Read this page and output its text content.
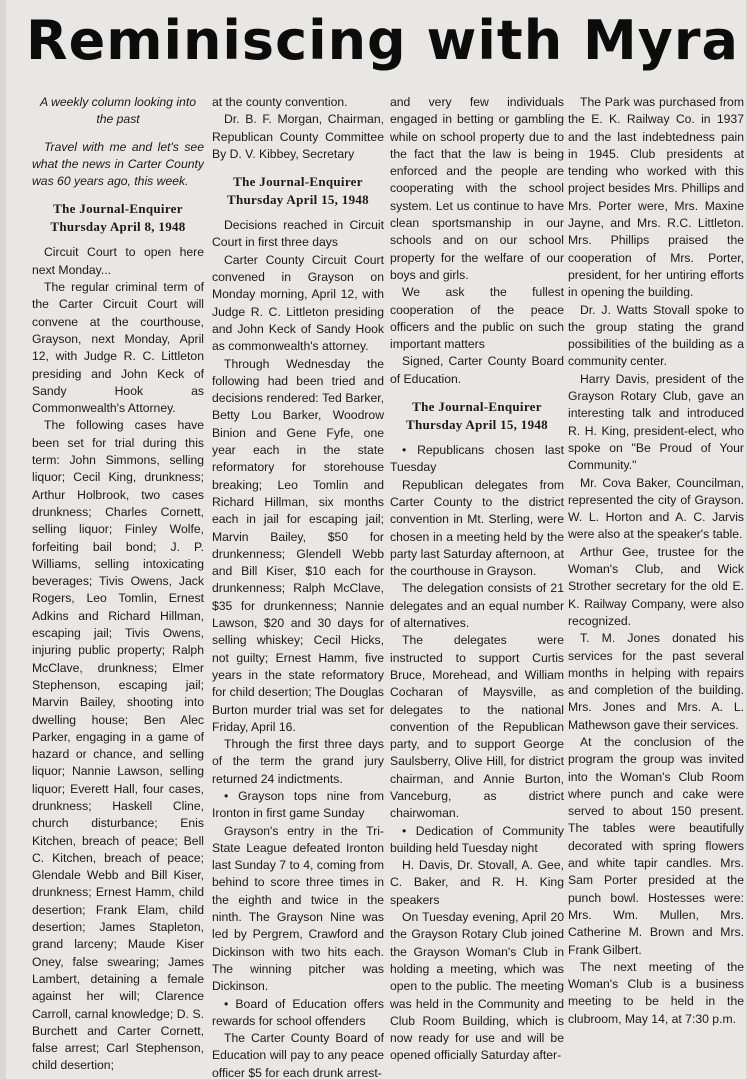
Reminiscing with Myra

A weekly column looking into the past

Travel with me and let's see what the news in Carter County was 60 years ago, this week.

The Journal-Enquirer
Thursday April 8, 1948

Circuit Court to open here next Monday...

The regular criminal term of the Carter Circuit Court will convene at the courthouse, Grayson, next Monday, April 12, with Judge R. C. Littleton presiding and John Keck of Sandy Hook as Commonwealth's Attorney.

The following cases have been set for trial during this term: John Simmons, selling liquor; Cecil King, drunkness; Arthur Holbrook, two cases drunkness; Charles Cornett, selling liquor; Finley Wolfe, forfeiting bail bond; J. P. Williams, selling intoxicating beverages; Tivis Owens, Jack Rogers, Leo Tomlin, Ernest Adkins and Richard Hillman, escaping jail; Tivis Owens, injuring public property; Ralph McClave, drunkness; Elmer Stephenson, escaping jail; Marvin Bailey, shooting into dwelling house; Ben Alec Parker, engaging in a game of hazard or chance, and selling liquor; Nannie Lawson, selling liquor; Everett Hall, four cases, drunkness; Haskell Cline, church disturbance; Enis Kitchen, breach of peace; Bell C. Kitchen, breach of peace; Glendale Webb and Bill Kiser, drunkness; Ernest Hamm, child desertion; Frank Elam, child desertion; James Stapleton, grand larceny; Maude Kiser Oney, false swearing; James Lambert, detaining a female against her will; Clarence Carroll, carnal knowledge; D. S. Burchett and Carter Cornett, false arrest; Carl Stephenson, child desertion;

at the county convention.

Dr. B. F. Morgan, Chairman, Republican County Committee By D. V. Kibbey, Secretary

The Journal-Enquirer
Thursday April 15, 1948

Decisions reached in Circuit Court in first three days

Carter County Circuit Court convened in Grayson on Monday morning, April 12, with Judge R. C. Littleton presiding and John Keck of Sandy Hook as commonwealth's attorney.

Through Wednesday the following had been tried and decisions rendered: Ted Barker, Betty Lou Barker, Woodrow Binion and Gene Fyfe, one year each in the state reformatory for storehouse breaking; Leo Tomlin and Richard Hillman, six months each in jail for escaping jail; Marvin Bailey, $50 for drunkenness; Glendell Webb and Bill Kiser, $10 each for drunkenness; Ralph McClave, $35 for drunkenness; Nannie Lawson, $20 and 30 days for selling whiskey; Cecil Hicks, not guilty; Ernest Hamm, five years in the state reformatory for child desertion; The Douglas Burton murder trial was set for Friday, April 16.

Through the first three days of the term the grand jury returned 24 indictments.

• Grayson tops nine from Ironton in first game Sunday

Grayson's entry in the Tri-State League defeated Ironton last Sunday 7 to 4, coming from behind to score three times in the eighth and twice in the ninth. The Grayson Nine was led by Pergrem, Crawford and Dickinson with two hits each. The winning pitcher was Dickinson.

• Board of Education offers rewards for school offenders

The Carter County Board of Education will pay to any peace officer $5 for each drunk arrest-

and very few individuals engaged in betting or gambling while on school property due to the fact that the law is being enforced and the people are cooperating with the school system. Let us continue to have clean sportsmanship in our schools and on our school property for the welfare of our boys and girls.

We ask the fullest cooperation of the peace officers and the public on such important matters

Signed, Carter County Board of Education.

The Journal-Enquirer
Thursday April 15, 1948

• Republicans chosen last Tuesday

Republican delegates from Carter County to the district convention in Mt. Sterling, were chosen in a meeting held by the party last Saturday afternoon, at the courthouse in Grayson.

The delegation consists of 21 delegates and an equal number of alternatives.

The delegates were instructed to support Curtis Bruce, Morehead, and William Cocharan of Maysville, as delegates to the national convention of the Republican party, and to support George Saulsberry, Olive Hill, for district chairman, and Annie Burton, Vanceburg, as district chairwoman.

• Dedication of Community building held Tuesday night

H. Davis, Dr. Stovall, A. Gee, C. Baker, and R. H. King speakers

On Tuesday evening, April 20 the Grayson Rotary Club joined the Grayson Woman's Club in holding a meeting, which was open to the public. The meeting was held in the Community and Club Room Building, which is now ready for use and will be opened officially Saturday after-

The Park was purchased from the E. K. Railway Co. in 1937 and the last indebtedness pain in 1945. Club presidents at tending who worked with this project besides Mrs. Phillips and Mrs. Porter were, Mrs. Maxine Jayne, and Mrs. R.C. Littleton. Mrs. Phillips praised the cooperation of Mrs. Porter, president, for her untiring efforts in opening the building.

Dr. J. Watts Stovall spoke to the group stating the grand possibilities of the building as a community center.

Harry Davis, president of the Grayson Rotary Club, gave an interesting talk and introduced R. H. King, president-elect, who spoke on "Be Proud of Your Community."

Mr. Cova Baker, Councilman, represented the city of Grayson. W. L. Horton and A. C. Jarvis were also at the speaker's table.

Arthur Gee, trustee for the Woman's Club, and Wick Strother secretary for the old E. K. Railway Company, were also recognized.

T. M. Jones donated his services for the past several months in helping with repairs and completion of the building. Mrs. Jones and Mrs. A. L. Mathewson gave their services.

At the conclusion of the program the group was invited into the Woman's Club Room where punch and cake were served to about 150 present. The tables were beautifully decorated with spring flowers and white tapir candles. Mrs. Sam Porter presided at the punch bowl. Hostesses were: Mrs. Wm. Mullen, Mrs. Catherine M. Brown and Mrs. Frank Gilbert.

The next meeting of the Woman's Club is a business meeting to be held in the clubroom, May 14, at 7:30 p.m.
